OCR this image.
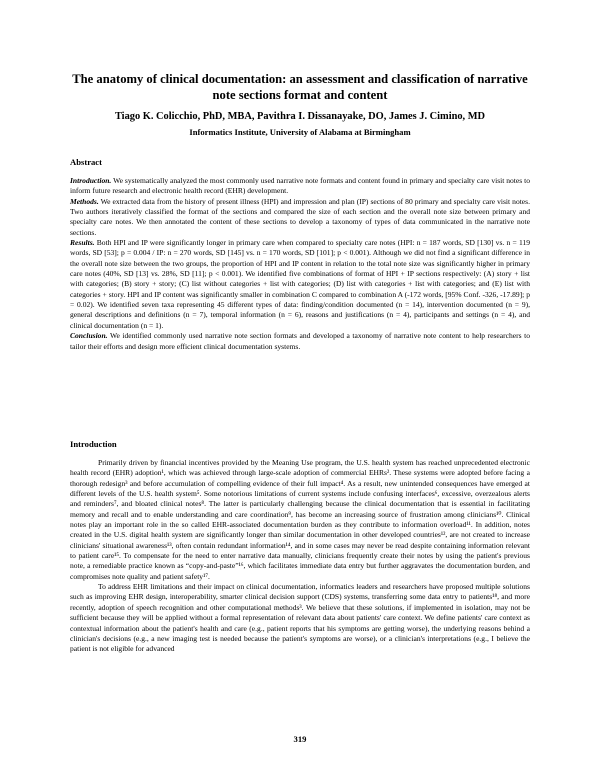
The anatomy of clinical documentation: an assessment and classification of narrative note sections format and content
Tiago K. Colicchio, PhD, MBA, Pavithra I. Dissanayake, DO, James J. Cimino, MD
Informatics Institute, University of Alabama at Birmingham
Abstract

Introduction. We systematically analyzed the most commonly used narrative note formats and content found in primary and specialty care visit notes to inform future research and electronic health record (EHR) development.

Methods. We extracted data from the history of present illness (HPI) and impression and plan (IP) sections of 80 primary and specialty care visit notes. Two authors iteratively classified the format of the sections and compared the size of each section and the overall note size between primary and specialty care notes. We then annotated the content of these sections to develop a taxonomy of types of data communicated in the narrative note sections.

Results. Both HPI and IP were significantly longer in primary care when compared to specialty care notes (HPI: n = 187 words, SD [130] vs. n = 119 words, SD [53]; p = 0.004 / IP: n = 270 words, SD [145] vs. n = 170 words, SD [101]; p < 0.001). Although we did not find a significant difference in the overall note size between the two groups, the proportion of HPI and IP content in relation to the total note size was significantly higher in primary care notes (40%, SD [13] vs. 28%, SD [11]; p < 0.001). We identified five combinations of format of HPI + IP sections respectively: (A) story + list with categories; (B) story + story; (C) list without categories + list with categories; (D) list with categories + list with categories; and (E) list with categories + story. HPI and IP content was significantly smaller in combination C compared to combination A (-172 words, [95% Conf. -326, -17.89]; p = 0.02). We identified seven taxa representing 45 different types of data: finding/condition documented (n = 14), intervention documented (n = 9), general descriptions and definitions (n = 7), temporal information (n = 6), reasons and justifications (n = 4), participants and settings (n = 4), and clinical documentation (n = 1).

Conclusion. We identified commonly used narrative note section formats and developed a taxonomy of narrative note content to help researchers to tailor their efforts and design more efficient clinical documentation systems.

Introduction

Primarily driven by financial incentives provided by the Meaning Use program, the U.S. health system has reached unprecedented electronic health record (EHR) adoption¹, which was achieved through large-scale adoption of commercial EHRs². These systems were adopted before facing a thorough redesign³ and before accumulation of compelling evidence of their full impact⁴. As a result, new unintended consequences have emerged at different levels of the U.S. health system⁵. Some notorious limitations of current systems include confusing interfaces⁶, excessive, overzealous alerts and reminders⁷, and bloated clinical notes⁸. The latter is particularly challenging because the clinical documentation that is essential in facilitating memory and recall and to enable understanding and care coordination⁹, has become an increasing source of frustration among clinicians¹⁰. Clinical notes play an important role in the so called EHR-associated documentation burden as they contribute to information overload¹¹. In addition, notes created in the U.S. digital health system are significantly longer than similar documentation in other developed countries¹², are not created to increase clinicians' situational awareness¹³, often contain redundant information¹⁴, and in some cases may never be read despite containing information relevant to patient care¹⁵. To compensate for the need to enter narrative data manually, clinicians frequently create their notes by using the patient's previous note, a remediable practice known as “copy-and-paste”¹⁶, which facilitates immediate data entry but further aggravates the documentation burden, and compromises note quality and patient safety¹⁷.

To address EHR limitations and their impact on clinical documentation, informatics leaders and researchers have proposed multiple solutions such as improving EHR design, interoperability, smarter clinical decision support (CDS) systems, transferring some data entry to patients¹⁸, and more recently, adoption of speech recognition and other computational methods³. We believe that these solutions, if implemented in isolation, may not be sufficient because they will be applied without a formal representation of relevant data about patients' care context. We define patients' care context as contextual information about the patient's health and care (e.g., patient reports that his symptoms are getting worse), the underlying reasons behind a clinician's decisions (e.g., a new imaging test is needed because the patient's symptoms are worse), or a clinician's interpretations (e.g., I believe the patient is not eligible for advanced

319
